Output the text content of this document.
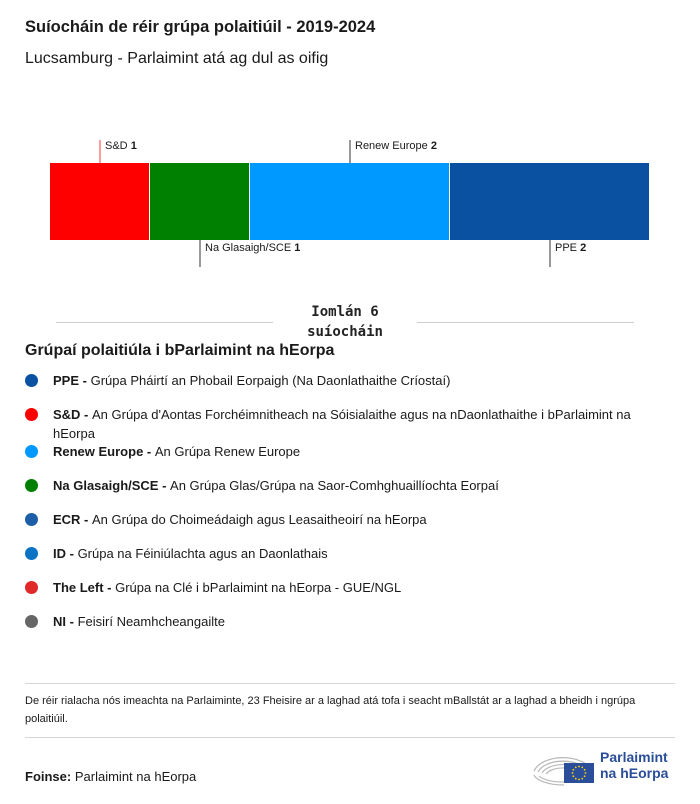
Suíocháin de réir grúpa polaitiúil - 2019-2024

Lucsamburg - Parlaimint atá ag dul as oifig

S&D 1
Na Glasaigh/SCE 1
Renew Europe 2
PPE 2
Iomlán 6
suíocháin
Grúpaí polaitiúla i bParlaimint na hEorpa
PPE - Grúpa Pháirtí an Phobail Eorpaigh (Na Daonlathaithe Críostaí)
S&D - An Grúpa d'Aontas Forchéimnitheach na Sóisialaithe agus na nDaonlathaithe i bParlaimint na hEorpa
Renew Europe - An Grúpa Renew Europe
Na Glasaigh/SCE - An Grúpa Glas/Grúpa na Saor-Comhghuaillíochta Eorpaí
ECR - An Grúpa do Choimeádaigh agus Leasaitheoirí na hEorpa
ID - Grúpa na Féiniúlachta agus an Daonlathais
The Left - Grúpa na Clé i bParlaimint na hEorpa - GUE/NGL
NI - Feisirí Neamhcheangailte

De réir rialacha nós imeachta na Parlaiminte, 23 Fheisire ar a laghad atá tofa i seacht mBallstát ar a laghad a bheidh i ngrúpa polaitiúil.

Foinse: Parlaimint na hEorpa

Parlaimint
na hEorpa
